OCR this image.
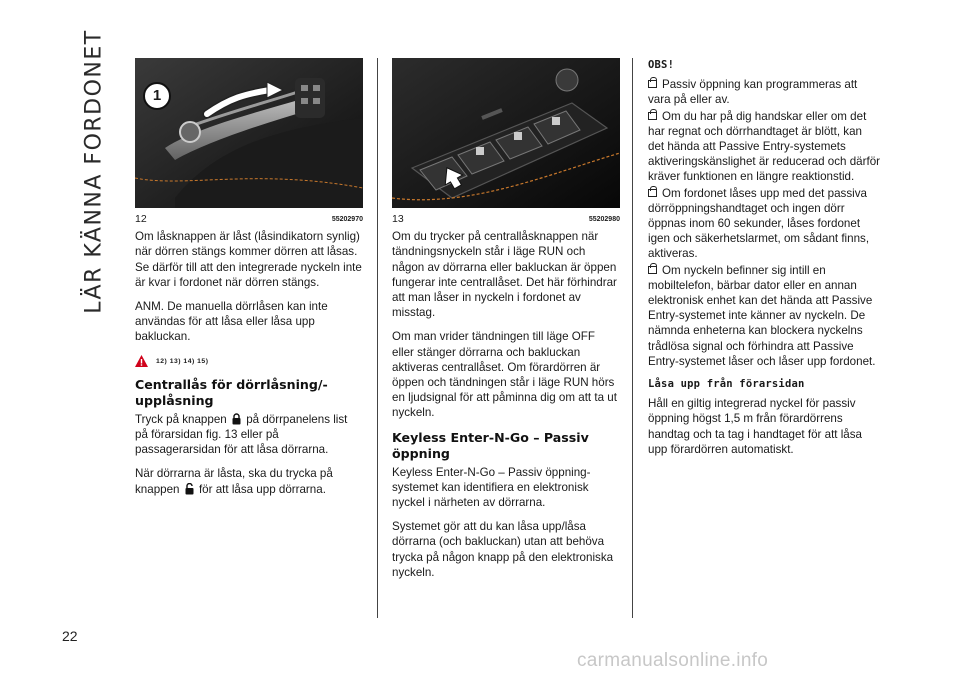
LÄR KÄNNA FORDONET
22
1
12	55202970

Om låsknappen är låst (låsindikatorn synlig) när dörren stängs kommer dörren att låsas. Se därför till att den integrerade nyckeln inte är kvar i fordonet när dörren stängs.

ANM. De manuella dörrlåsen kan inte användas för att låsa eller låsa upp bakluckan.

12) 13) 14) 15)
Centrallås för dörrlåsning/-upplåsning

Tryck på knappen på dörrpanelens list på förarsidan fig. 13 eller på passagerarsidan för att låsa dörrarna.

När dörrarna är låsta, ska du trycka på knappen för att låsa upp dörrarna.

13	55202980

Om du trycker på centrallåsknappen när tändningsnyckeln står i läge RUN och någon av dörrarna eller bakluckan är öppen fungerar inte centrallåset. Det här förhindrar att man låser in nyckeln i fordonet av misstag.

Om man vrider tändningen till läge OFF eller stänger dörrarna och bakluckan aktiveras centrallåset. Om förardörren är öppen och tändningen står i läge RUN hörs en ljudsignal för att påminna dig om att ta ut nyckeln.

Keyless Enter-N-Go – Passiv öppning

Keyless Enter-N-Go – Passiv öppning-systemet kan identifiera en elektronisk nyckel i närheten av dörrarna.

Systemet gör att du kan låsa upp/låsa dörrarna (och bakluckan) utan att behöva trycka på någon knapp på den elektroniska nyckeln.

OBS!
Passiv öppning kan programmeras att vara på eller av.
Om du har på dig handskar eller om det har regnat och dörrhandtaget är blött, kan det hända att Passive Entry-systemets aktiveringskänslighet är reducerad och därför kräver funktionen en längre reaktionstid.
Om fordonet låses upp med det passiva dörröppningshandtaget och ingen dörr öppnas inom 60 sekunder, låses fordonet igen och säkerhetslarmet, om sådant finns, aktiveras.
Om nyckeln befinner sig intill en mobiltelefon, bärbar dator eller en annan elektronisk enhet kan det hända att Passive Entry-systemet inte känner av nyckeln. De nämnda enheterna kan blockera nyckelns trådlösa signal och förhindra att Passive Entry-systemet låser och låser upp fordonet.
Låsa upp från förarsidan

Håll en giltig integrerad nyckel för passiv öppning högst 1,5 m från förardörrens handtag och ta tag i handtaget för att låsa upp förardörren automatiskt.

carmanualsonline.info
